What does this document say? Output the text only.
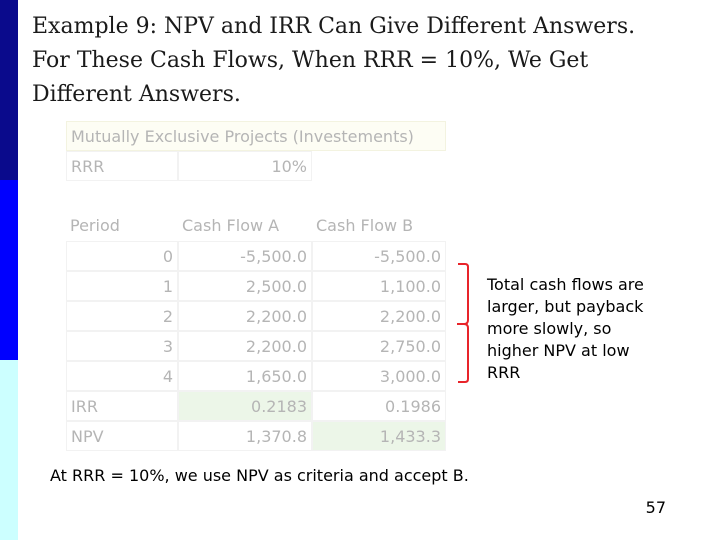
Example 9: NPV and IRR Can Give Different Answers.
For These Cash Flows, When RRR = 10%, We Get
Different Answers.
Mutually Exclusive Projects (Investements)
RRR	10%
Period	Cash Flow A	Cash Flow B
0	-5,500.0	-5,500.0
1	2,500.0	1,100.0
2	2,200.0	2,200.0
3	2,200.0	2,750.0
4	1,650.0	3,000.0
IRR	0.2183	0.1986
NPV	1,370.8	1,433.3

Total cash flows are
larger, but payback
more slowly, so
higher NPV at low
RRR

At RRR = 10%, we use NPV as criteria and accept B.
57
